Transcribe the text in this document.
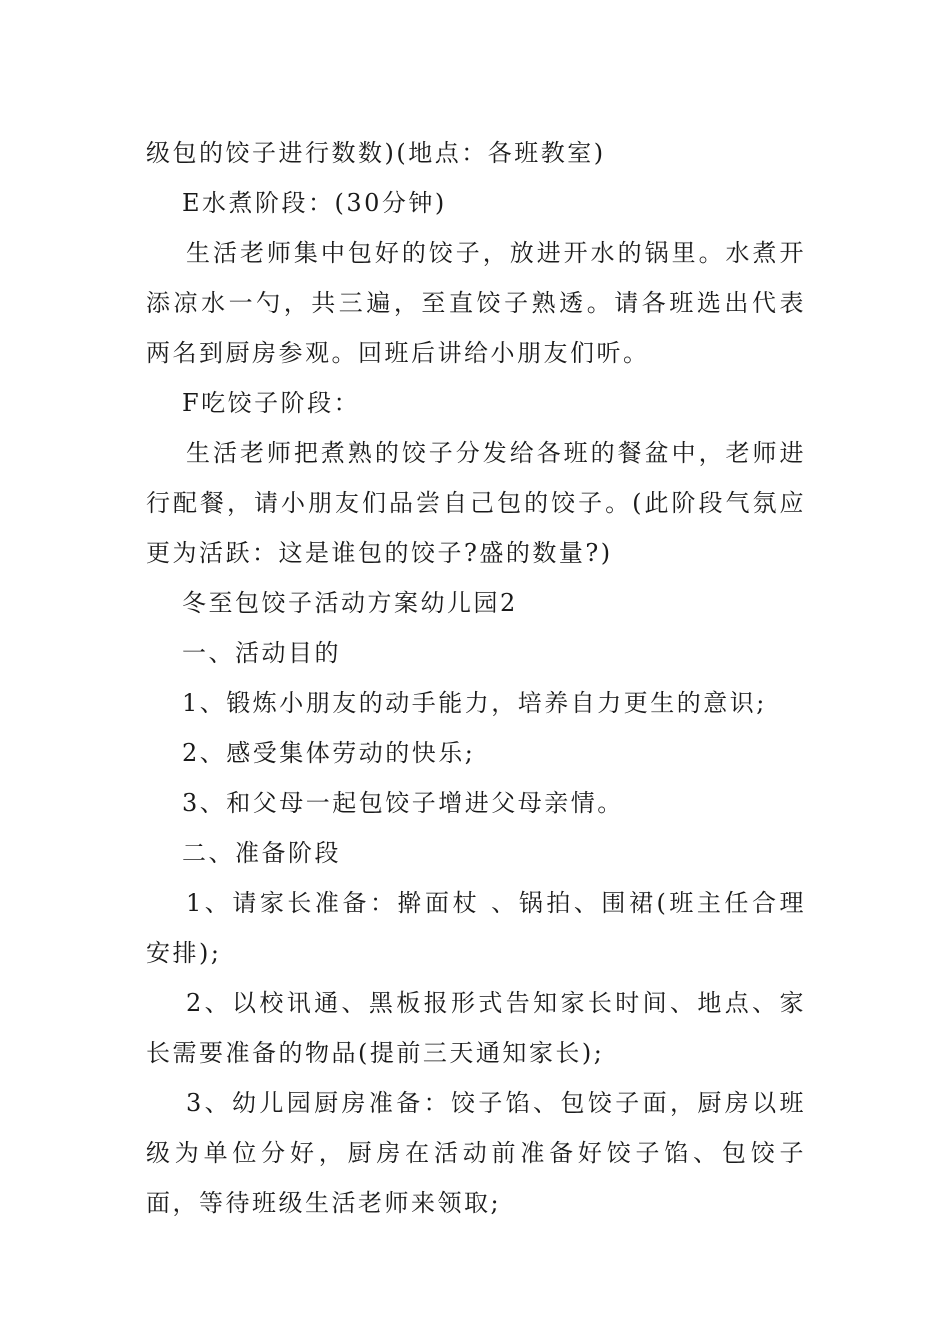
级包的饺子进行数数)(地点：各班教室)

E水煮阶段：(30分钟)

生活老师集中包好的饺子，放进开水的锅里。水煮开添凉水一勺，共三遍，至直饺子熟透。请各班选出代表两名到厨房参观。回班后讲给小朋友们听。

F吃饺子阶段：

生活老师把煮熟的饺子分发给各班的餐盆中，老师进行配餐，请小朋友们品尝自己包的饺子。(此阶段气氛应更为活跃：这是谁包的饺子?盛的数量?)

冬至包饺子活动方案幼儿园2

一、活动目的

1、锻炼小朋友的动手能力，培养自力更生的意识;

2、感受集体劳动的快乐;

3、和父母一起包饺子增进父母亲情。

二、准备阶段

1、请家长准备：擀面杖 、锅拍、围裙(班主任合理安排);

2、以校讯通、黑板报形式告知家长时间、地点、家长需要准备的物品(提前三天通知家长);

3、幼儿园厨房准备：饺子馅、包饺子面，厨房以班级为单位分好，厨房在活动前准备好饺子馅、包饺子面，等待班级生活老师来领取;
